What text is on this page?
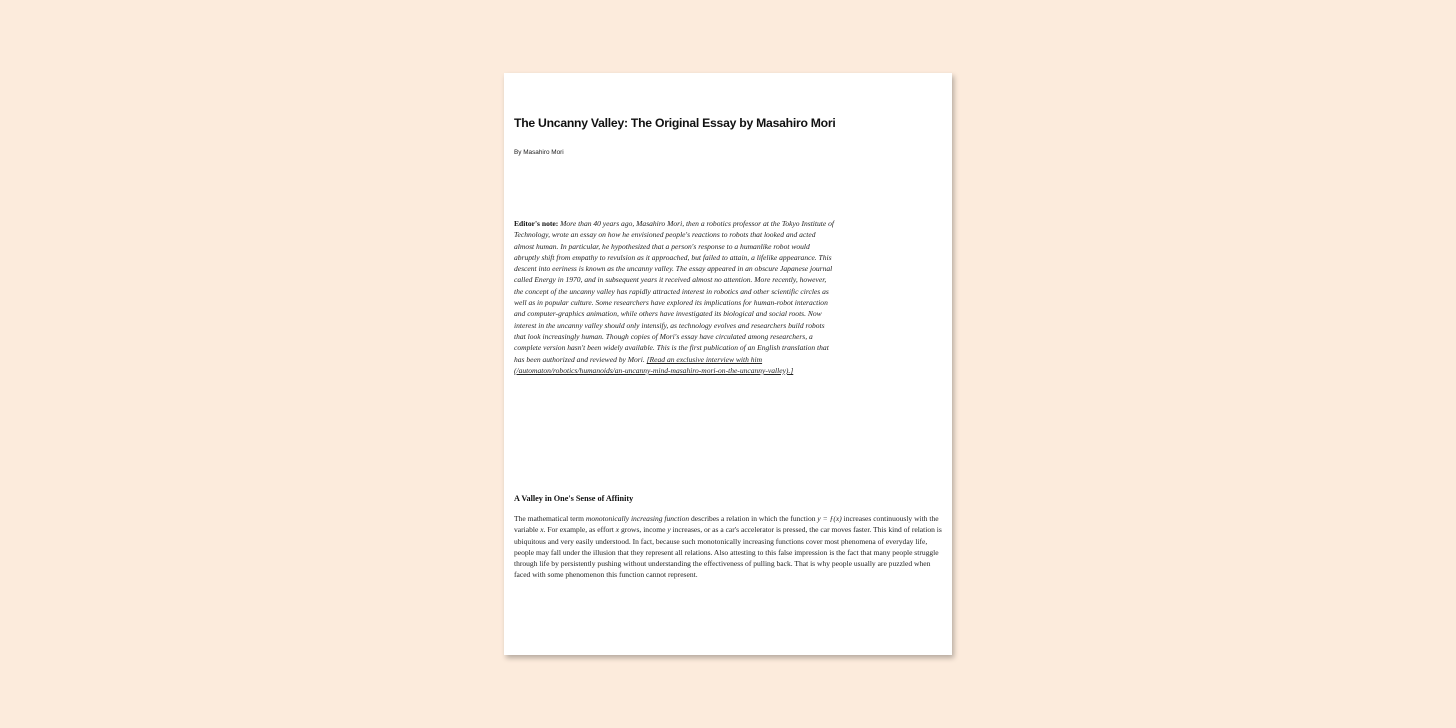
The Uncanny Valley: The Original Essay by Masahiro Mori

By Masahiro Mori

Editor's note: More than 40 years ago, Masahiro Mori, then a robotics professor at the Tokyo Institute of Technology, wrote an essay on how he envisioned people's reactions to robots that looked and acted almost human. In particular, he hypothesized that a person's response to a humanlike robot would abruptly shift from empathy to revulsion as it approached, but failed to attain, a lifelike appearance. This descent into eeriness is known as the uncanny valley. The essay appeared in an obscure Japanese journal called Energy in 1970, and in subsequent years it received almost no attention. More recently, however, the concept of the uncanny valley has rapidly attracted interest in robotics and other scientific circles as well as in popular culture. Some researchers have explored its implications for human-robot interaction and computer-graphics animation, while others have investigated its biological and social roots. Now interest in the uncanny valley should only intensify, as technology evolves and researchers build robots that look increasingly human. Though copies of Mori's essay have circulated among researchers, a complete version hasn't been widely available. This is the first publication of an English translation that has been authorized and reviewed by Mori. [Read an exclusive interview with him (/automaton/robotics/humanoids/an-uncanny-mind-masahiro-mori-on-the-uncanny-valley).]

A Valley in One's Sense of Affinity

The mathematical term monotonically increasing function describes a relation in which the function y = ƒ(x) increases continuously with the variable x. For example, as effort x grows, income y increases, or as a car's accelerator is pressed, the car moves faster. This kind of relation is ubiquitous and very easily understood. In fact, because such monotonically increasing functions cover most phenomena of everyday life, people may fall under the illusion that they represent all relations. Also attesting to this false impression is the fact that many people struggle through life by persistently pushing without understanding the effectiveness of pulling back. That is why people usually are puzzled when faced with some phenomenon this function cannot represent.
